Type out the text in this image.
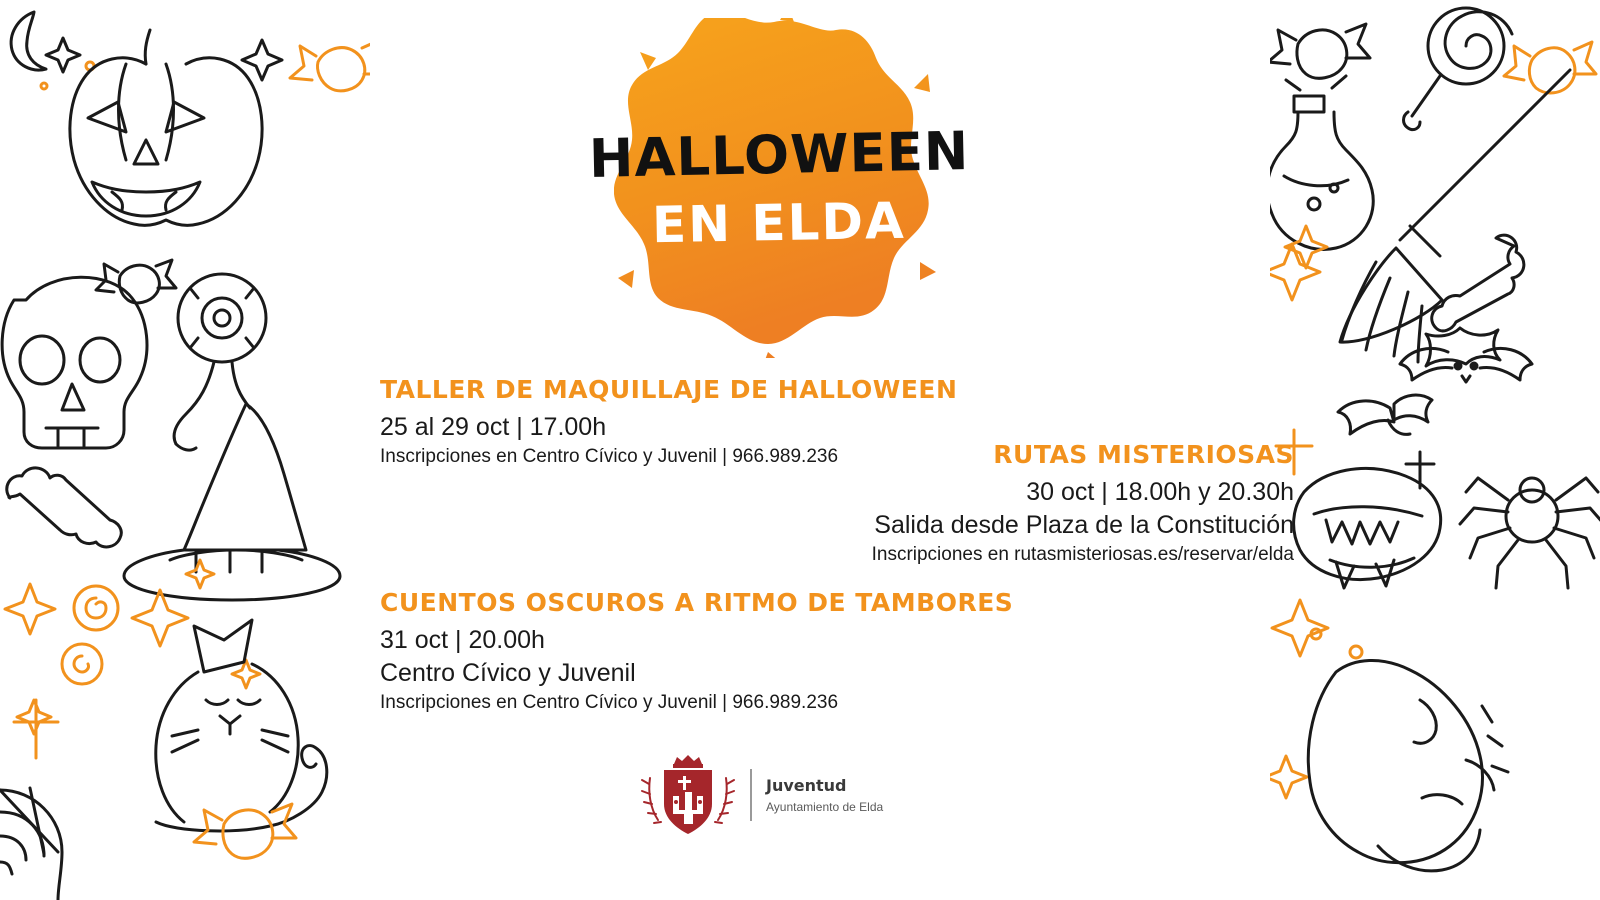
HALLOWEEN
EN ELDA
TALLER DE MAQUILLAJE DE HALLOWEEN
25 al 29 oct | 17.00h
Inscripciones en Centro Cívico y Juvenil | 966.989.236	RUTAS MISTERIOSAS
30 oct | 18.00h y 20.30h
Salida desde Plaza de la Constitución
Inscripciones en rutasmisteriosas.es/reservar/elda
CUENTOS OSCUROS A RITMO DE TAMBORES
31 oct | 20.00h
Centro Cívico y Juvenil
Inscripciones en Centro Cívico y Juvenil | 966.989.236
Juventud
Ayuntamiento de Elda
